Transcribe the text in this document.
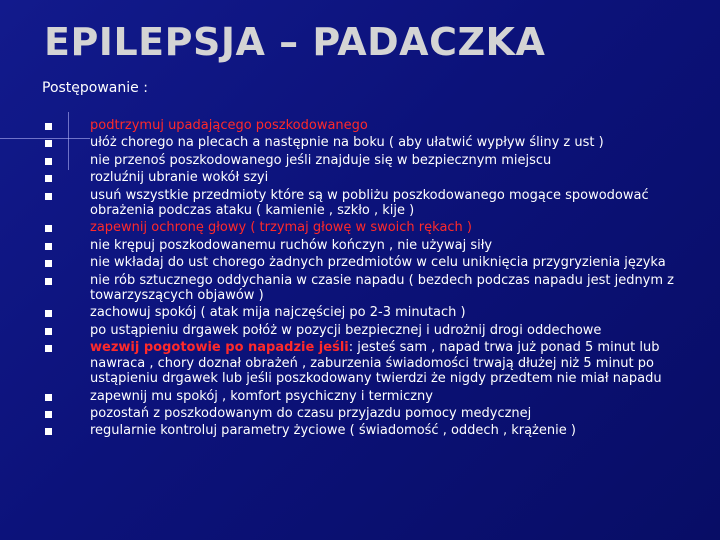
EPILEPSJA – PADACZKA
Postępowanie :
podtrzymuj upadającego poszkodowanego
ułóż chorego na plecach a następnie na boku ( aby ułatwić wypływ śliny z ust )
nie przenoś poszkodowanego jeśli znajduje się w bezpiecznym miejscu
rozluźnij ubranie wokół szyi
usuń wszystkie przedmioty które są w pobliżu poszkodowanego mogące spowodować obrażenia podczas ataku ( kamienie , szkło , kije )
zapewnij ochronę głowy ( trzymaj głowę w swoich rękach )
nie krępuj poszkodowanemu ruchów kończyn , nie używaj siły
nie wkładaj do ust chorego żadnych przedmiotów w celu uniknięcia przygryzienia języka
nie rób sztucznego oddychania w czasie napadu ( bezdech podczas napadu jest jednym z towarzyszących objawów )
zachowuj spokój ( atak mija najczęściej po 2-3 minutach )
po ustąpieniu drgawek połóż w pozycji bezpiecznej i udrożnij drogi oddechowe
wezwij pogotowie po napadzie jeśli: jesteś sam , napad trwa już ponad 5 minut lub nawraca , chory doznał obrażeń , zaburzenia świadomości trwają dłużej niż 5 minut po ustąpieniu drgawek lub jeśli poszkodowany twierdzi że nigdy przedtem nie miał napadu
zapewnij mu spokój , komfort psychiczny i termiczny
pozostań z poszkodowanym do czasu przyjazdu pomocy medycznej
regularnie kontroluj parametry życiowe ( świadomość , oddech , krążenie )
